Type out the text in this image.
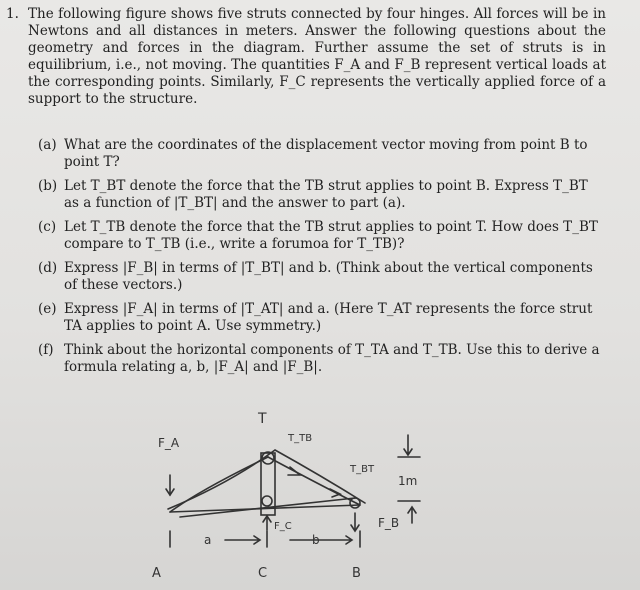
1. The following figure shows five struts connected by four hinges. All forces will be in Newtons and all distances in meters. Answer the following questions about the geometry and forces in the diagram. Further assume the set of struts is in equilibrium, i.e., not moving. The quantities F_A and F_B represent vertical loads at the corresponding points. Similarly, F_C represents the vertically applied force of a support to the structure.
(a) What are the coordinates of the displacement vector moving from point B to point T?
(b) Let T_BT denote the force that the TB strut applies to point B. Express T_BT as a function of |T_BT| and the answer to part (a).
(c) Let T_TB denote the force that the TB strut applies to point T. How does T_BT compare to T_TB (i.e., write a forumoa for T_TB)?
(d) Express |F_B| in terms of |T_BT| and b. (Think about the vertical components of these vectors.)
(e) Express |F_A| in terms of |T_AT| and a. (Here T_AT represents the force strut TA applies to point A. Use symmetry.)
(f) Think about the horizontal components of T_TA and T_TB. Use this to derive a formula relating a, b, |F_A| and |F_B|.
T
T_TB
F_A
T_BT
F_C	F_B
1m
a	b
A	C	B
